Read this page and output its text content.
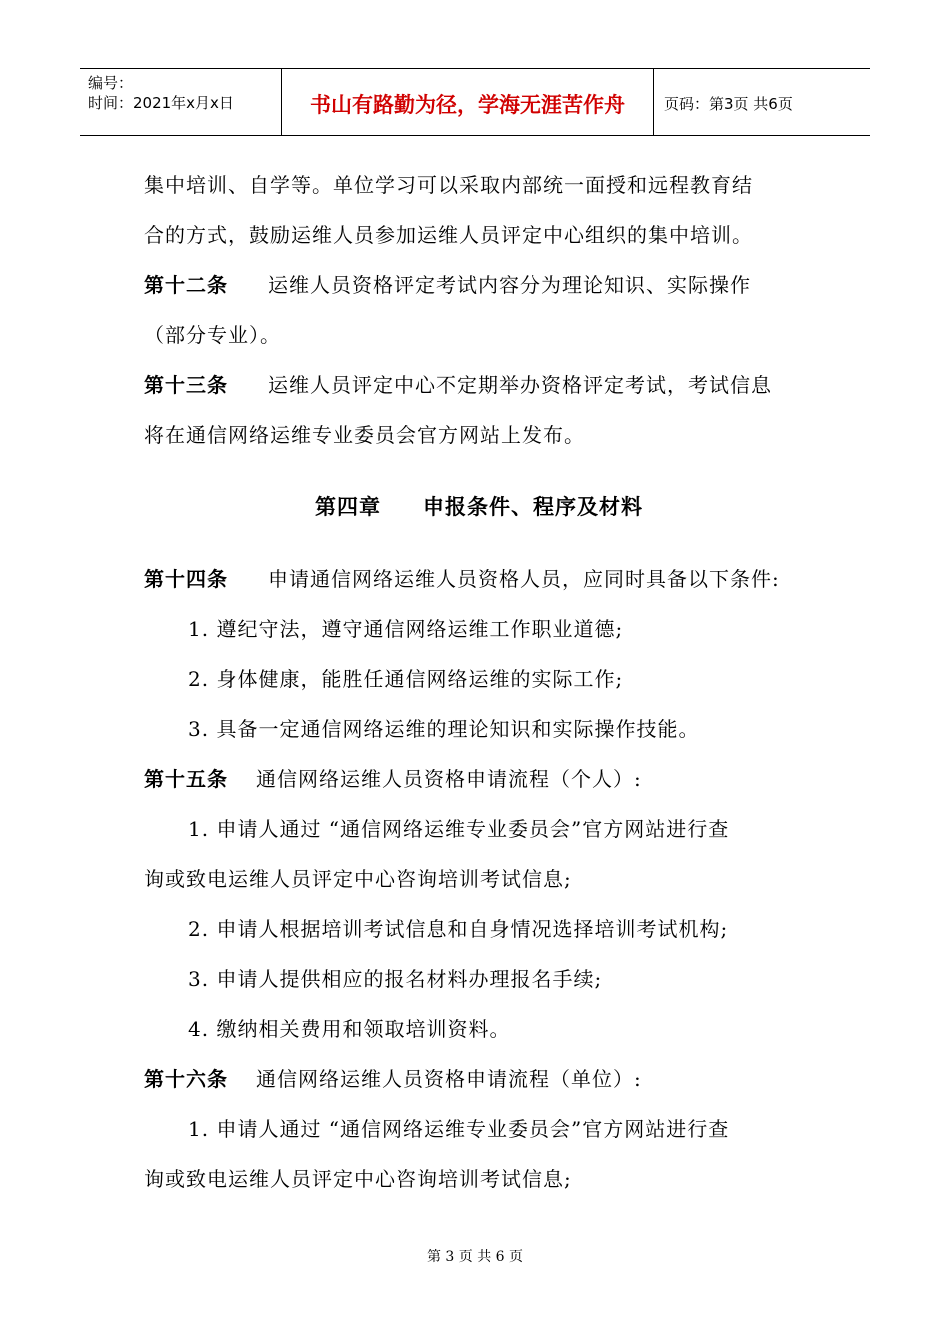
编号：
时间：2021年x月x日	书山有路勤为径，学海无涯苦作舟	页码：第3页 共6页
集中培训、自学等。单位学习可以采取内部统一面授和远程教育结
合的方式，鼓励运维人员参加运维人员评定中心组织的集中培训。
第十二条 运维人员资格评定考试内容分为理论知识、实际操作
（部分专业）。
第十三条 运维人员评定中心不定期举办资格评定考试，考试信息
将在通信网络运维专业委员会官方网站上发布。
第四章 申报条件、程序及材料
第十四条 申请通信网络运维人员资格人员，应同时具备以下条件:
1. 遵纪守法，遵守通信网络运维工作职业道德;
2. 身体健康，能胜任通信网络运维的实际工作;
3. 具备一定通信网络运维的理论知识和实际操作技能。
第十五条 通信网络运维人员资格申请流程（个人）:
1. 申请人通过 “通信网络运维专业委员会”官方网站进行查
询或致电运维人员评定中心咨询培训考试信息;
2. 申请人根据培训考试信息和自身情况选择培训考试机构;
3. 申请人提供相应的报名材料办理报名手续;
4. 缴纳相关费用和领取培训资料。
第十六条 通信网络运维人员资格申请流程（单位）:
1. 申请人通过 “通信网络运维专业委员会”官方网站进行查
询或致电运维人员评定中心咨询培训考试信息;
第 3 页 共 6 页
